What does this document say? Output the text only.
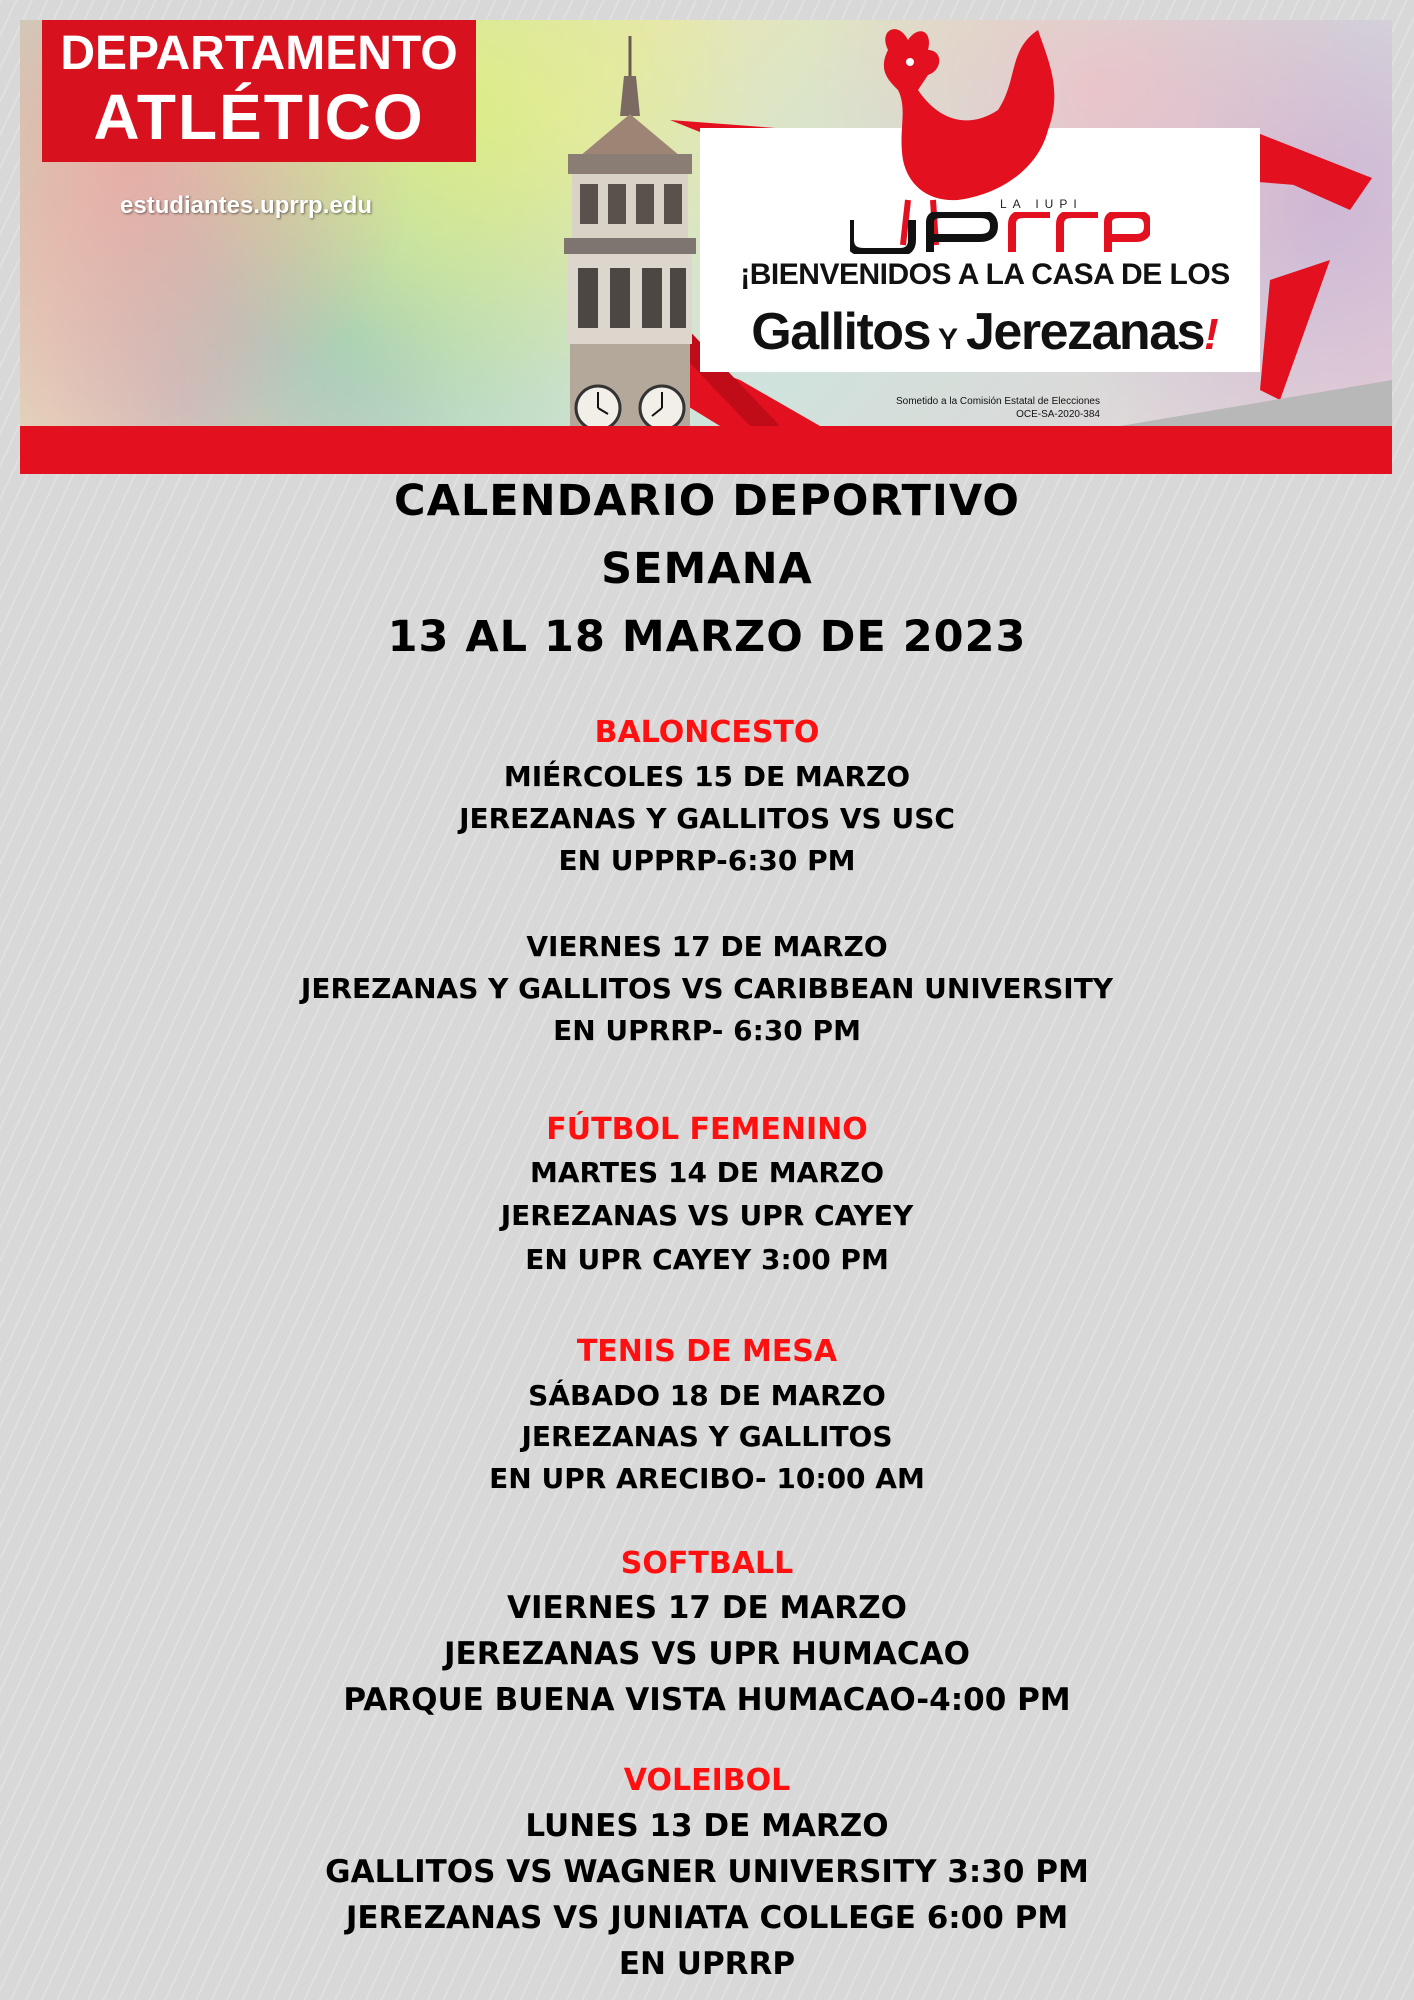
DEPARTAMENTO
ATLÉTICO
estudiantes.uprrp.edu	LA IUPI
¡BIENVENIDOS A LA CASA DE LOS
Gallitos Y Jerezanas!
Sometido a la Comisión Estatal de Elecciones
OCE-SA-2020-384
CALENDARIO DEPORTIVO
SEMANA
13 AL 18 MARZO DE 2023
BALONCESTO
MIÉRCOLES 15 DE MARZO
JEREZANAS Y GALLITOS VS USC
EN UPPRP-6:30 PM
VIERNES 17 DE MARZO
JEREZANAS Y GALLITOS VS CARIBBEAN UNIVERSITY
EN UPRRP- 6:30 PM
FÚTBOL FEMENINO
MARTES 14 DE MARZO
JEREZANAS VS UPR CAYEY
EN UPR CAYEY 3:00 PM
TENIS DE MESA
SÁBADO 18 DE MARZO
JEREZANAS Y GALLITOS
EN UPR ARECIBO- 10:00 AM
SOFTBALL
VIERNES 17 DE MARZO
JEREZANAS VS UPR HUMACAO
PARQUE BUENA VISTA HUMACAO-4:00 PM
VOLEIBOL
LUNES 13 DE MARZO
GALLITOS VS WAGNER UNIVERSITY 3:30 PM
JEREZANAS VS JUNIATA COLLEGE 6:00 PM
EN UPRRP
